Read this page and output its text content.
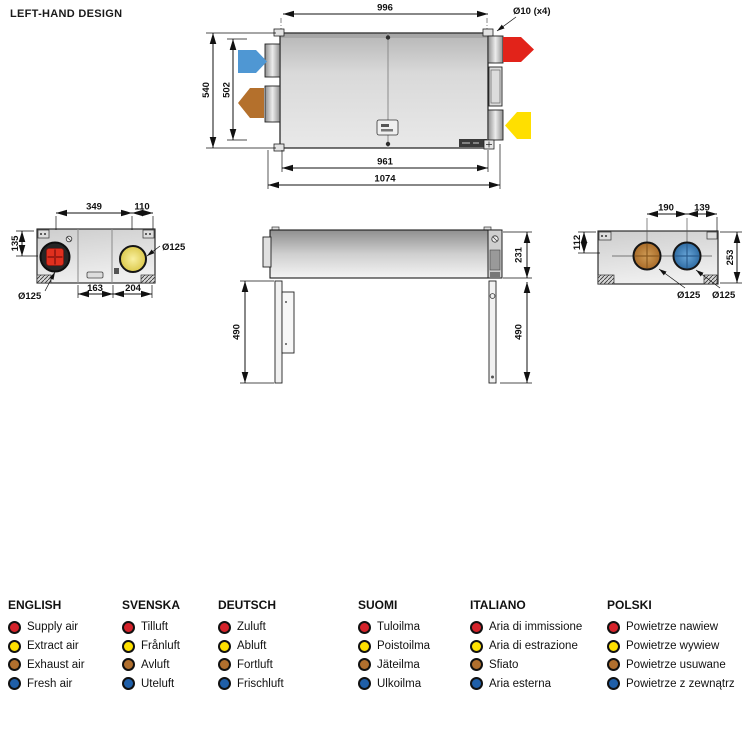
LEFT-HAND DESIGN	996	Ø10 (x4)
540 502
961
1074
349	110
135	Ø125
Ø125
163 204
231
490
490
190 139
112
253
Ø125 Ø125
ENGLISH
Supply air
Extract air
Exhaust air
Fresh air
SVENSKA
Tilluft
Frånluft
Avluft
Uteluft
DEUTSCH
Zuluft
Abluft
Fortluft
Frischluft
SUOMI
Tuloilma
Poistoilma
Jäteilma
Ulkoilma
ITALIANO
Aria di immissione
Aria di estrazione
Sfiato
Aria esterna
POLSKI
Powietrze nawiew
Powietrze wywiew
Powietrze usuwane
Powietrze z zewnątrz
